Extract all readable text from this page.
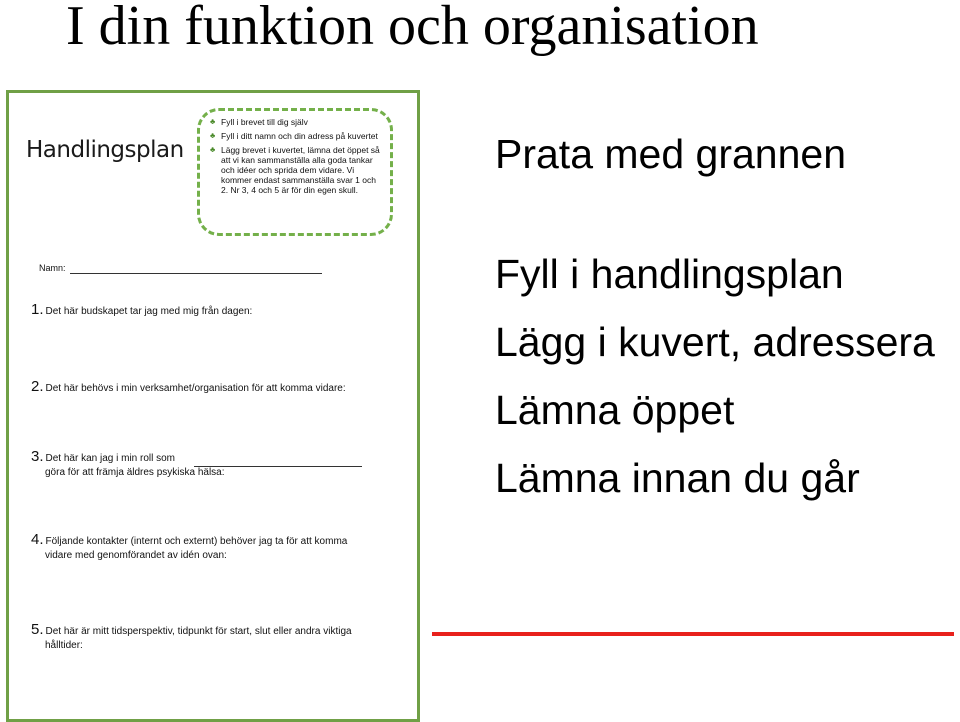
I din funktion och organisation
Handlingsplan
♣ Fyll i brevet till dig själv
♣ Fyll i ditt namn och din adress på kuvertet
♣ Lägg brevet i kuvertet, lämna det öppet så att vi kan sammanställa alla goda tankar och idéer och sprida dem vidare. Vi kommer endast sammanställa svar 1 och 2. Nr 3, 4 och 5 är för din egen skull.
Namn:
1. Det här budskapet tar jag med mig från dagen:
2. Det här behövs i min verksamhet/organisation för att komma vidare:
3. Det här kan jag i min roll som
göra för att främja äldres psykiska hälsa:
4. Följande kontakter (internt och externt) behöver jag ta för att komma
vidare med genomförandet av idén ovan:
5. Det här är mitt tidsperspektiv, tidpunkt för start, slut eller andra viktiga
hålltider:
Prata med grannen
Fyll i handlingsplan
Lägg i kuvert, adressera
Lämna öppet
Lämna innan du går
